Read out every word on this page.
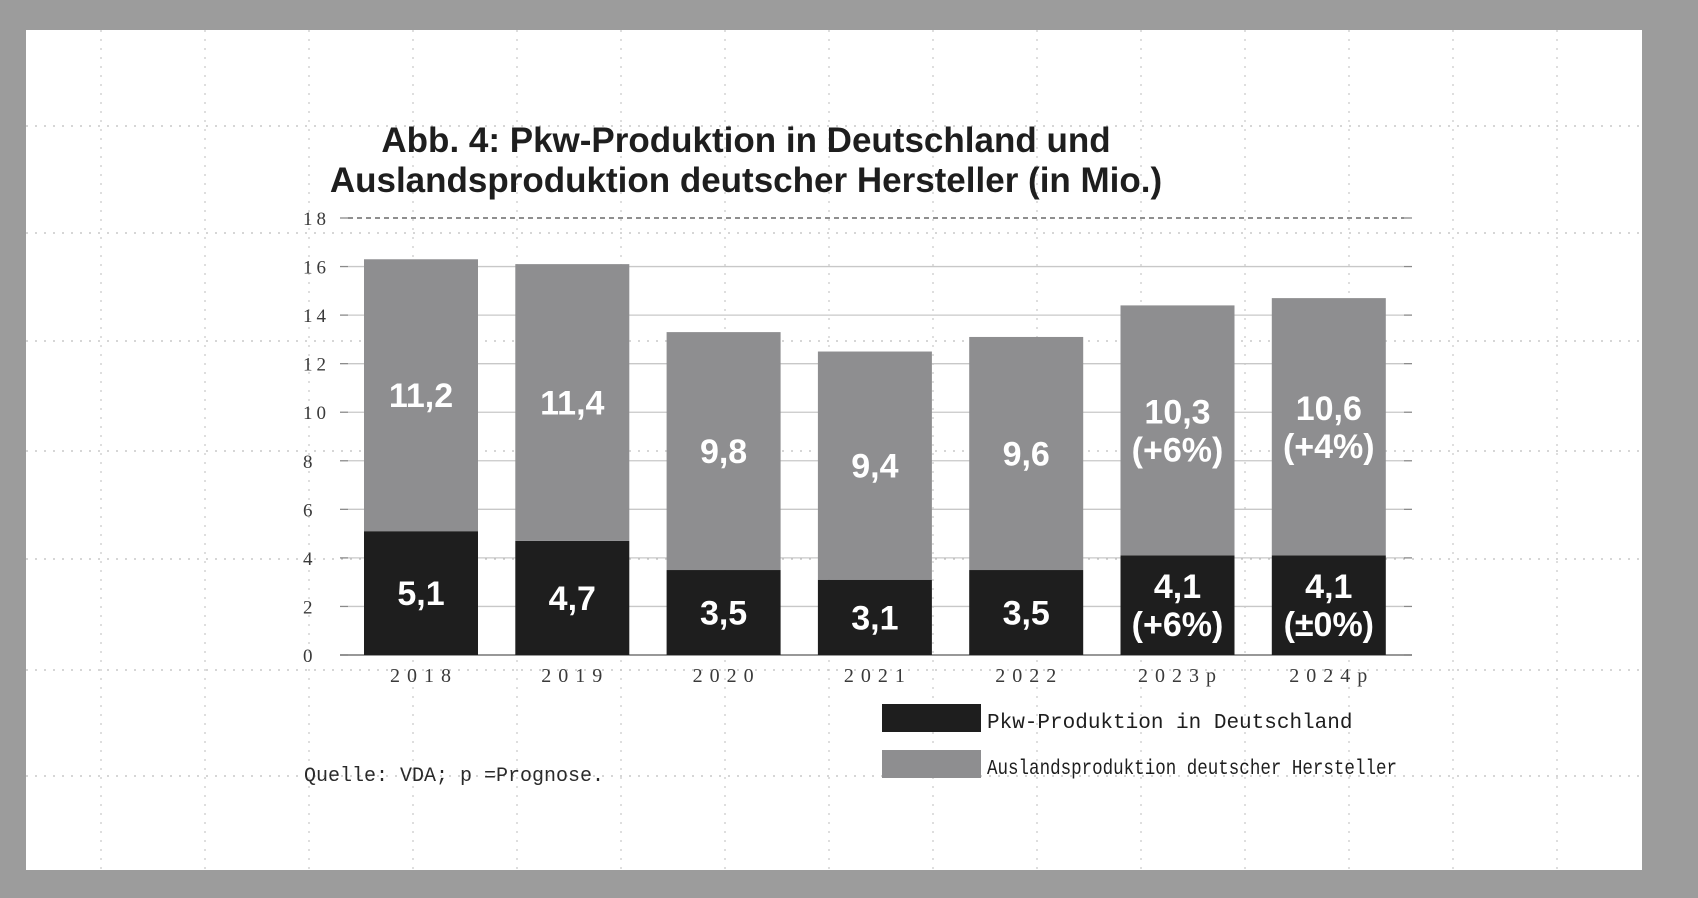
Abb. 4: Pkw-Produktion in Deutschland und
Auslandsproduktion deutscher Hersteller (in Mio.)
0
2
4
6
8
10
12
14
16
18
5,1
11,2
4,7
11,4
3,5
9,8
3,1
9,4
3,5
9,6
4,1
(+6%)
10,3
(+6%)
4,1
(±0%)
10,6
(+4%)
2018	2019	2020	2021	2022	2023p	2024p
Pkw-Produktion in Deutschland
Auslandsproduktion deutscher Hersteller
Quelle: VDA; p =Prognose.
